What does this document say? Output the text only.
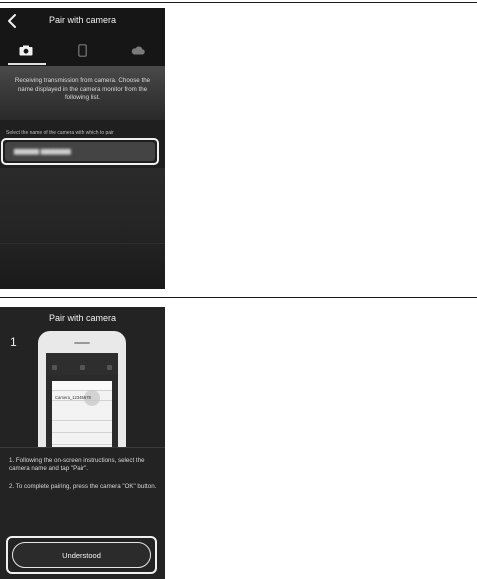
Pair with camera
Receiving transmission from camera. Choose the name displayed in the camera monitor from the following list.
Select the name of the camera with which to pair
▆▆▆▆▆ ▆▆▆▆▆▆
Pair with camera
1
Camera_12345678
1. Following the on-screen instructions, select the camera name and tap "Pair".
2. To complete pairing, press the camera "OK" button.
Understood
